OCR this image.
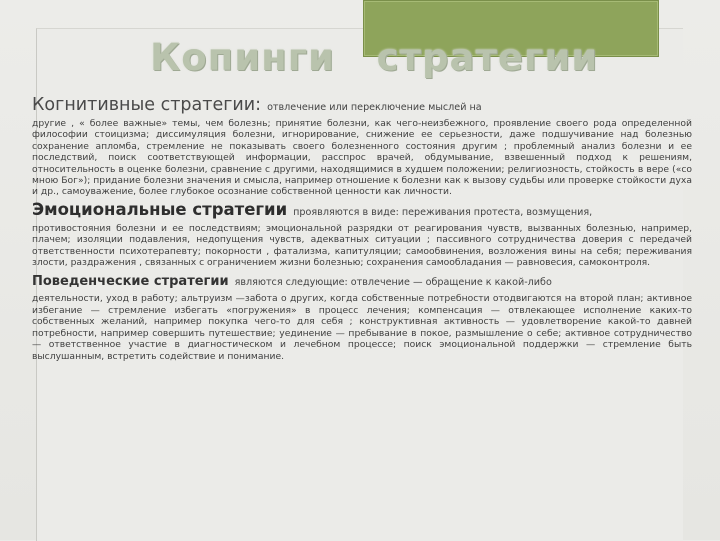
Копинги   стратегии
Когнитивные стратегии: отвлечение или переключение мыслей на

другие , « более важные» темы, чем болезнь; принятие болезни, как чего-неизбежного, проявление своего рода определенной философии стоицизма; диссимуляция болезни, игнорирование, снижение ее серьезности, даже подшучивание над болезнью сохранение апломба, стремление не показывать своего болезненного состояния другим ; проблемный анализ болезни и ее последствий, поиск соответствующей информации, расспрос врачей, обдумывание, взвешенный подход к решениям, относительность в оценке болезни, сравнение с другими, находящимися в худшем положении; религиозность, стойкость в вере («со мною Бог»); придание болезни значения и смысла, например отношение к болезни как к вызову судьбы или проверке стойкости духа и др., самоуважение, более глубокое осознание собственной ценности как личности.

Эмоциональные стратегии проявляются в виде: переживания протеста, возмущения,

противостояния болезни и ее последствиям; эмоциональной разрядки от реагирования чувств, вызванных болезнью, например, плачем; изоляции подавления, недопущения чувств, адекватных ситуации ; пассивного сотрудничества доверия с передачей ответственности психотерапевту; покорности , фатализма, капитуляции; самообвинения, возложения вины на себя; переживания злости, раздражения , связанных с ограничением жизни болезнью; сохранения самообладания — равновесия, самоконтроля.

Поведенческие стратегии являются следующие: отвлечение — обращение к какой-либо

деятельности, уход в работу; альтруизм —забота о других, когда собственные потребности отодвигаются на второй план; активное избегание — стремление избегать «погружения» в процесс лечения; компенсация — отвлекающее исполнение каких-то собственных желаний, например покупка чего-то для себя ; конструктивная активность — удовлетворение какой-то давней потребности, например совершить путешествие; уединение — пребывание в покое, размышление о себе; активное сотрудничество — ответственное участие в диагностическом и лечебном процессе; поиск эмоциональной поддержки — стремление быть выслушанным, встретить содействие и понимание.
